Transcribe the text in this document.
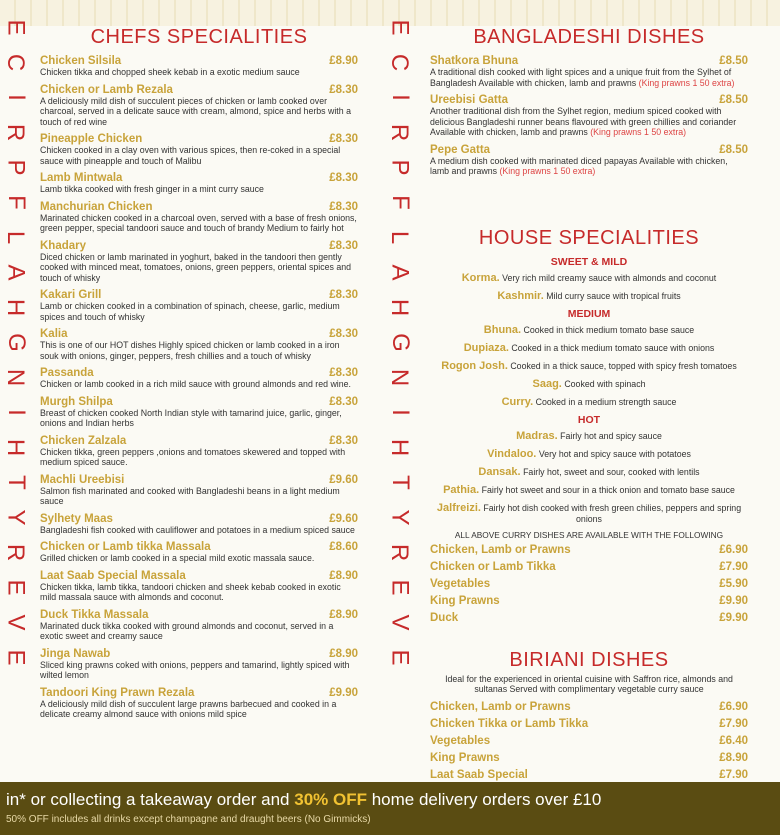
E
C
I
R
P
F
L
A
H
G
N
I
H
T
Y
R
E
V
E
E
C
I
R
P
F
L
A
H
G
N
I
H
T
Y
R
E
V
E
CHEFS SPECIALITIES
Chicken Silsila	£8.90
Chicken tikka and chopped sheek kebab in a exotic medium sauce
Chicken or Lamb Rezala	£8.30
A deliciously mild dish of succulent pieces of chicken or lamb cooked over charcoal, served in a delicate sauce with cream, almond, spice and herbs with a touch of red wine
Pineapple Chicken	£8.30
Chicken cooked in a clay oven with various spices, then re-coked in a special sauce with pineapple and touch of Malibu
Lamb Mintwala	£8.30
Lamb tikka cooked with fresh ginger in a mint curry sauce
Manchurian Chicken	£8.30
Marinated chicken cooked in a charcoal oven, served with a base of fresh onions, green pepper, special tandoori sauce and touch of brandy Medium to fairly hot
Khadary	£8.30
Diced chicken or lamb marinated in yoghurt, baked in the tandoori then gently cooked with minced meat, tomatoes, onions, green peppers, oriental spices and touch of whisky
Kakari Grill	£8.30
Lamb or chicken cooked in a combination of spinach, cheese, garlic, medium spices and touch of whisky
Kalia	£8.30
This is one of our HOT dishes Highly spiced chicken or lamb cooked in a iron souk with onions, ginger, peppers, fresh chillies and a touch of whisky
Passanda	£8.30
Chicken or lamb cooked in a rich mild sauce with ground almonds and red wine.
Murgh Shilpa	£8.30
Breast of chicken cooked North Indian style with tamarind juice, garlic, ginger, onions and Indian herbs
Chicken Zalzala	£8.30
Chicken tikka, green peppers ,onions and tomatoes skewered and topped with medium spiced sauce.
Machli Ureebisi	£9.60
Salmon fish marinated and cooked with Bangladeshi beans in a light medium sauce
Sylhety Maas	£9.60
Bangladeshi fish cooked with cauliflower and potatoes in a medium spiced sauce
Chicken or Lamb tikka Massala	£8.60
Grilled chicken or lamb cooked in a special mild exotic massala sauce.
Laat Saab Special Massala	£8.90
Chicken tikka, lamb tikka, tandoori chicken and sheek kebab cooked in exotic mild massala sauce with almonds and coconut.
Duck Tikka Massala	£8.90
Marinated duck tikka cooked with ground almonds and coconut, served in a exotic sweet and creamy sauce
Jinga Nawab	£8.90
Sliced king prawns coked with onions, peppers and tamarind, lightly spiced with wilted lemon
Tandoori King Prawn Rezala	£9.90
A deliciously mild dish of succulent large prawns barbecued and cooked in a delicate creamy almond sauce with onions mild spice
BANGLADESHI DISHES
Shatkora Bhuna	£8.50
A traditional dish cooked with light spices and a unique fruit from the Sylhet of Bangladesh Available with chicken, lamb and prawns (King prawns 1 50 extra)
Ureebisi Gatta	£8.50
Another traditional dish from the Sylhet region, medium spiced cooked with delicious Bangladeshi runner beans flavoured with green chillies and coriander Available with chicken, lamb and prawns (King prawns 1 50 extra)
Pepe Gatta	£8.50
A medium dish cooked with marinated diced papayas Available with chicken, lamb and prawns (King prawns 1 50 extra)
HOUSE SPECIALITIES
SWEET & MILD
Korma. Very rich mild creamy sauce with almonds and coconut
Kashmir. Mild curry sauce with tropical fruits
MEDIUM
Bhuna. Cooked in thick medium tomato base sauce
Dupiaza. Cooked in a thick medium tomato sauce with onions
Rogon Josh. Cooked in a thick sauce, topped with spicy fresh tomatoes
Saag. Cooked with spinach
Curry. Cooked in a medium strength sauce
HOT
Madras. Fairly hot and spicy sauce
Vindaloo. Very hot and spicy sauce with potatoes
Dansak. Fairly hot, sweet and sour, cooked with lentils
Pathia. Fairly hot sweet and sour in a thick onion and tomato base sauce
Jalfreizi. Fairly hot dish cooked with fresh green chilies, peppers and spring onions
ALL ABOVE CURRY DISHES ARE AVAILABLE WITH THE FOLLOWING
Chicken, Lamb or Prawns	£6.90
Chicken or Lamb Tikka	£7.90
Vegetables	£5.90
King Prawns	£9.90
Duck	£9.90
BIRIANI DISHES
Ideal for the experienced in oriental cuisine with Saffron rice, almonds and sultanas Served with complimentary vegetable curry sauce
Chicken, Lamb or Prawns	£6.90
Chicken Tikka or Lamb Tikka	£7.90
Vegetables	£6.40
King Prawns	£8.90
Laat Saab Special	£7.90
in* or collecting a takeaway order and 30% OFF home delivery orders over £10
50% OFF includes all drinks except champagne and draught beers (No Gimmicks)
